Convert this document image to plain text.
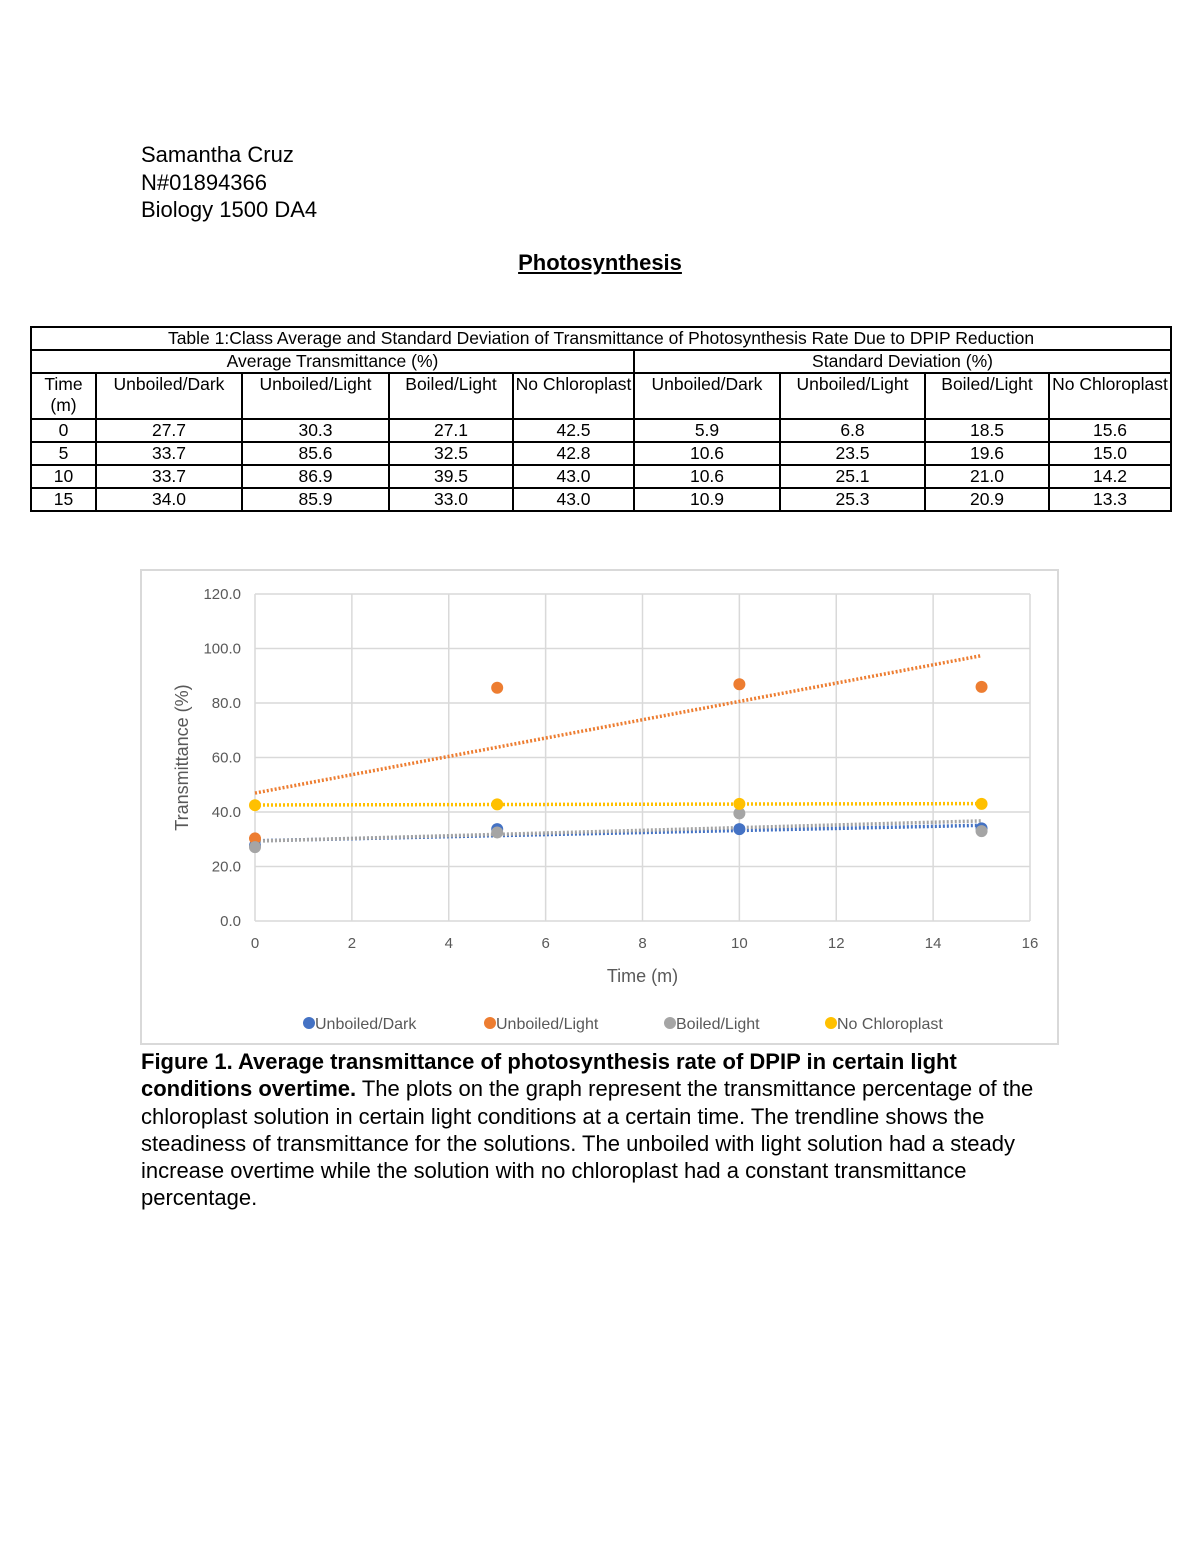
Samantha Cruz
N#01894366
Biology 1500 DA4
Photosynthesis
Table 1:Class Average and Standard Deviation of Transmittance of Photosynthesis Rate Due to DPIP Reduction								
Average Transmittance (%)					Standard Deviation (%)			
Time (m)	Unboiled/Dark	Unboiled/Light	Boiled/Light	No Chloroplast	Unboiled/Dark	Unboiled/Light	Boiled/Light	No Chloroplast
0	27.7	30.3	27.1	42.5	5.9	6.8	18.5	15.6
5	33.7	85.6	32.5	42.8	10.6	23.5	19.6	15.0
10	33.7	86.9	39.5	43.0	10.6	25.1	21.0	14.2
15	34.0	85.9	33.0	43.0	10.9	25.3	20.9	13.3
0.0
20.0
40.0
60.0
80.0
100.0
120.0
0	2	4	6	8	10	12	14	16
Time (m)
Transmittance (%)
Unboiled/Dark	Unboiled/Light	Boiled/Light	No Chloroplast
Figure 1. Average transmittance of photosynthesis rate of DPIP in certain light conditions overtime. The plots on the graph represent the transmittance percentage of the chloroplast solution in certain light conditions at a certain time. The trendline shows the steadiness of transmittance for the solutions. The unboiled with light solution had a steady increase overtime while the solution with no chloroplast had a constant transmittance percentage.
